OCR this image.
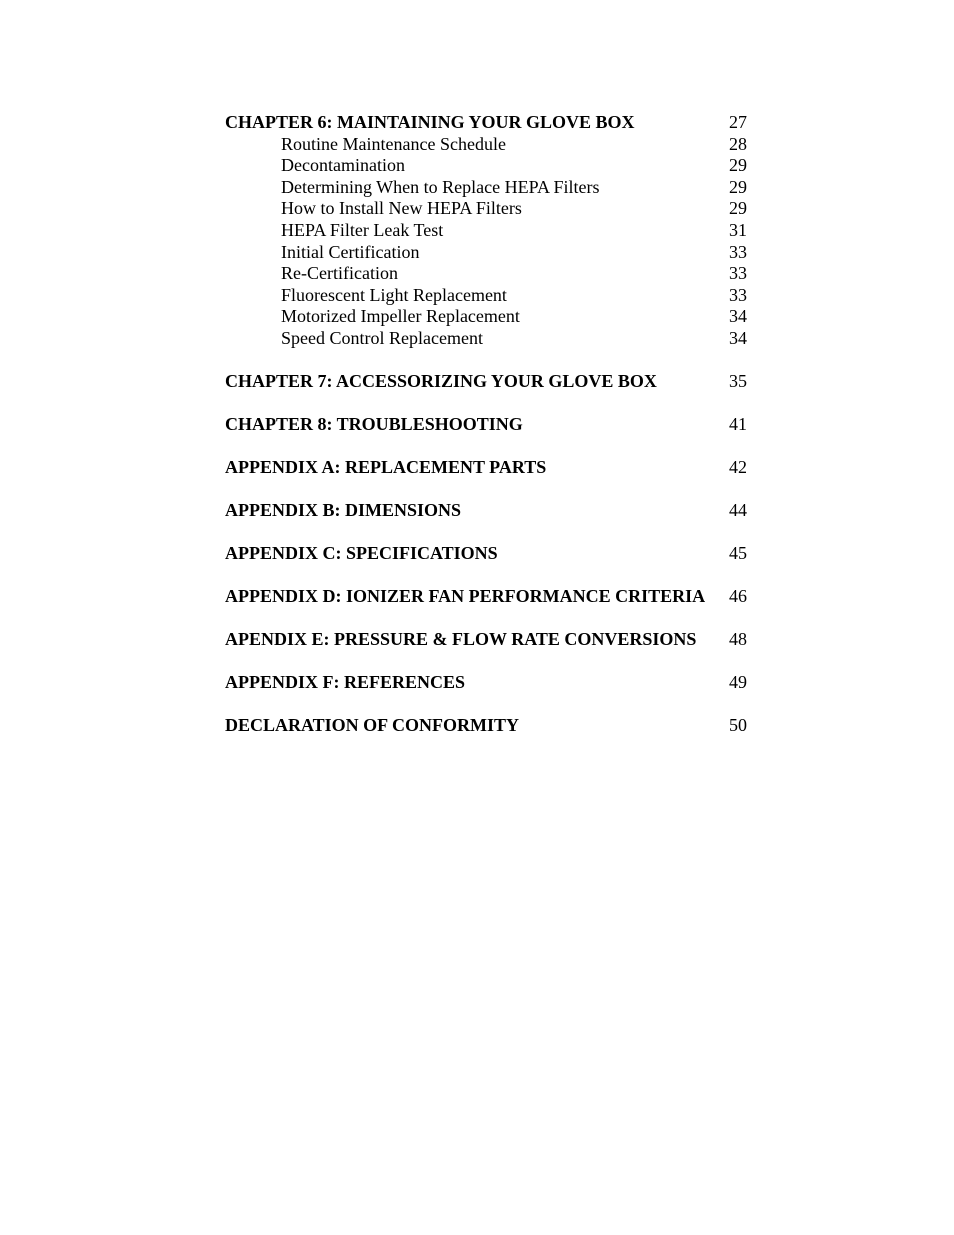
CHAPTER 6: MAINTAINING YOUR GLOVE BOX	27
Routine Maintenance Schedule	28
Decontamination	29
Determining When to Replace HEPA Filters	29
How to Install New HEPA Filters	29
HEPA Filter Leak Test	31
Initial Certification	33
Re-Certification	33
Fluorescent Light Replacement	33
Motorized Impeller Replacement	34
Speed Control Replacement	34
CHAPTER 7: ACCESSORIZING YOUR GLOVE BOX	35
CHAPTER 8: TROUBLESHOOTING	41
APPENDIX A: REPLACEMENT PARTS	42
APPENDIX B: DIMENSIONS	44
APPENDIX C: SPECIFICATIONS	45
APPENDIX D: IONIZER FAN PERFORMANCE CRITERIA 46
APENDIX E: PRESSURE & FLOW RATE CONVERSIONS 48
APPENDIX F: REFERENCES	49
DECLARATION OF CONFORMITY	50
